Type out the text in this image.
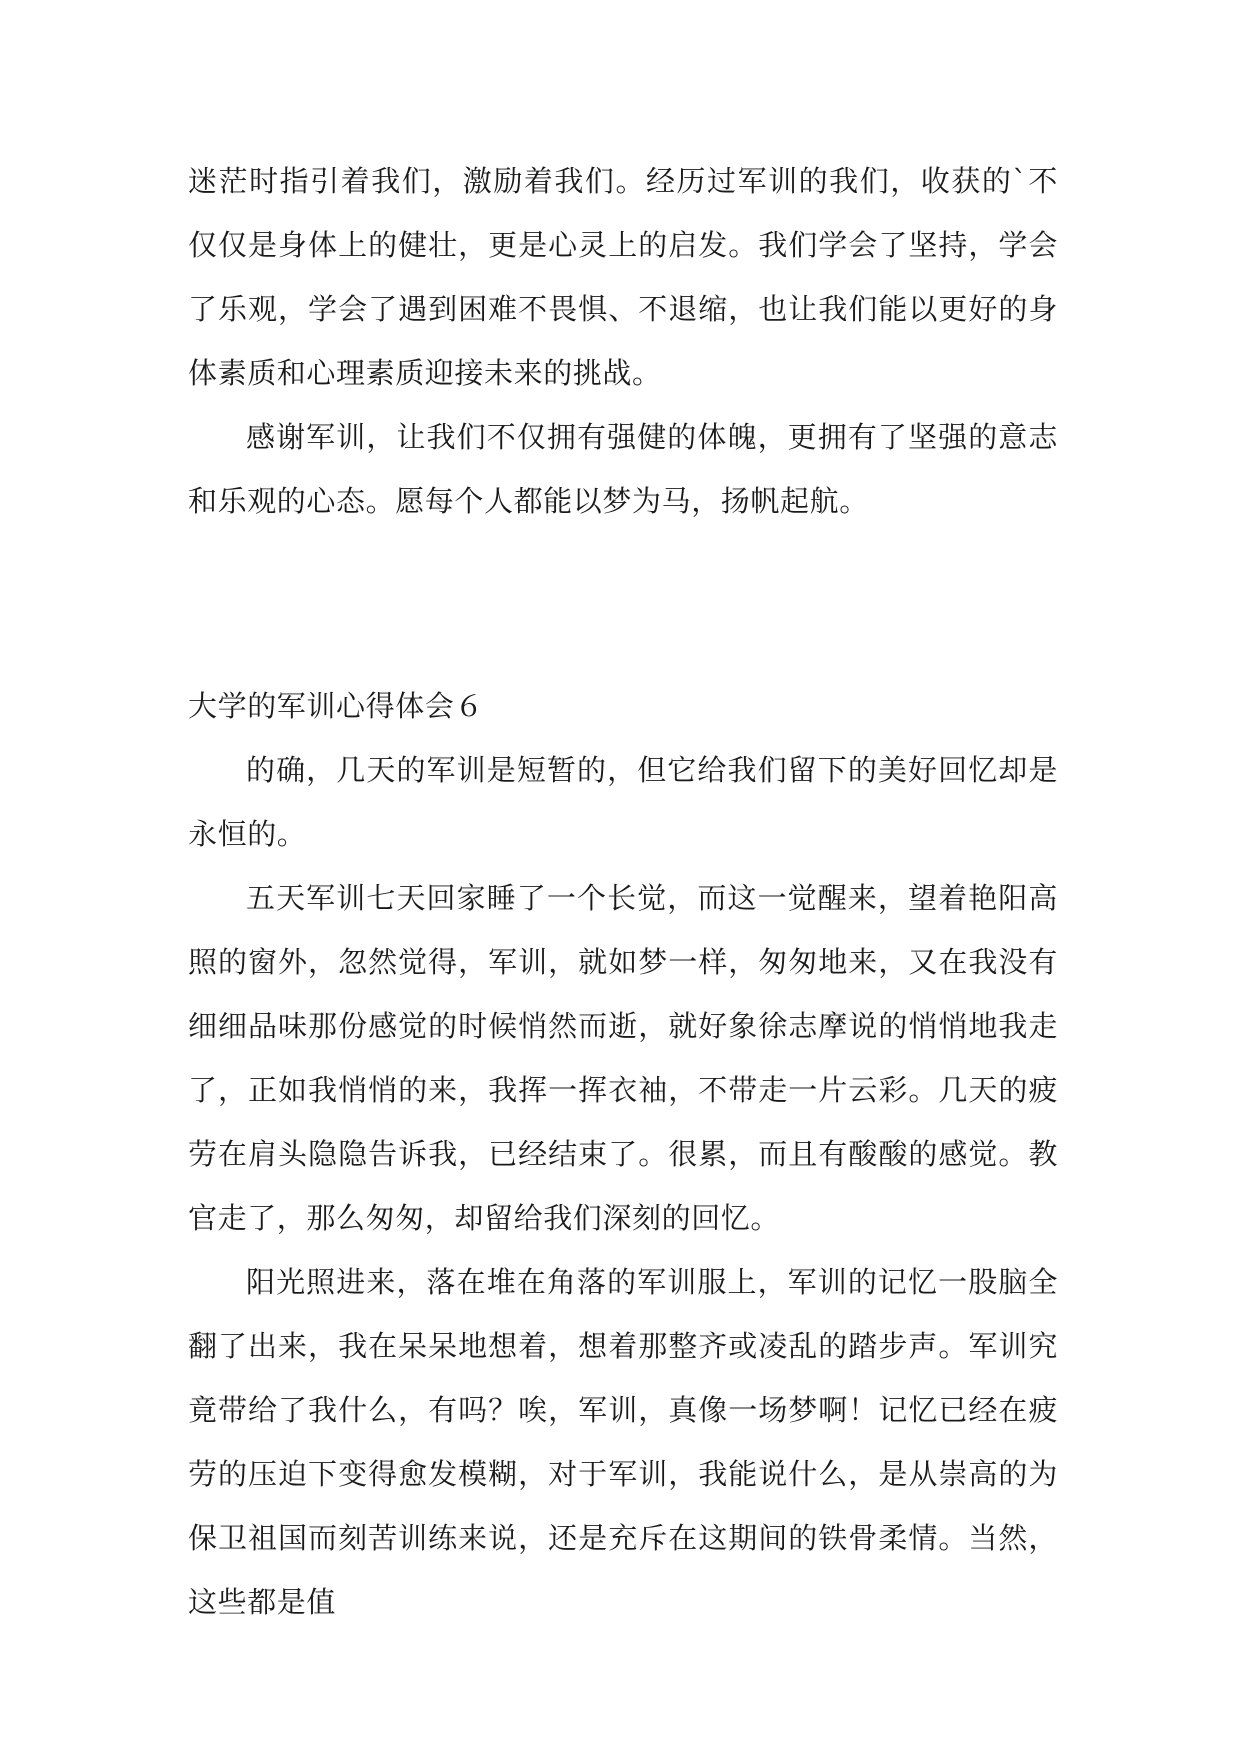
迷茫时指引着我们，激励着我们。经历过军训的我们，收获的`不仅仅是身体上的健壮，更是心灵上的启发。我们学会了坚持，学会了乐观，学会了遇到困难不畏惧、不退缩，也让我们能以更好的身体素质和心理素质迎接未来的挑战。

感谢军训，让我们不仅拥有强健的体魄，更拥有了坚强的意志和乐观的心态。愿每个人都能以梦为马，扬帆起航。

大学的军训心得体会６

的确，几天的军训是短暂的，但它给我们留下的美好回忆却是永恒的。

五天军训七天回家睡了一个长觉，而这一觉醒来，望着艳阳高照的窗外，忽然觉得，军训，就如梦一样，匆匆地来，又在我没有细细品味那份感觉的时候悄然而逝，就好象徐志摩说的悄悄地我走了，正如我悄悄的来，我挥一挥衣袖，不带走一片云彩。几天的疲劳在肩头隐隐告诉我，已经结束了。很累，而且有酸酸的感觉。教官走了，那么匆匆，却留给我们深刻的回忆。

阳光照进来，落在堆在角落的军训服上，军训的记忆一股脑全翻了出来，我在呆呆地想着，想着那整齐或凌乱的踏步声。军训究竟带给了我什么，有吗？唉，军训，真像一场梦啊！记忆已经在疲劳的压迫下变得愈发模糊，对于军训，我能说什么，是从崇高的为保卫祖国而刻苦训练来说，还是充斥在这期间的铁骨柔情。当然，这些都是值
